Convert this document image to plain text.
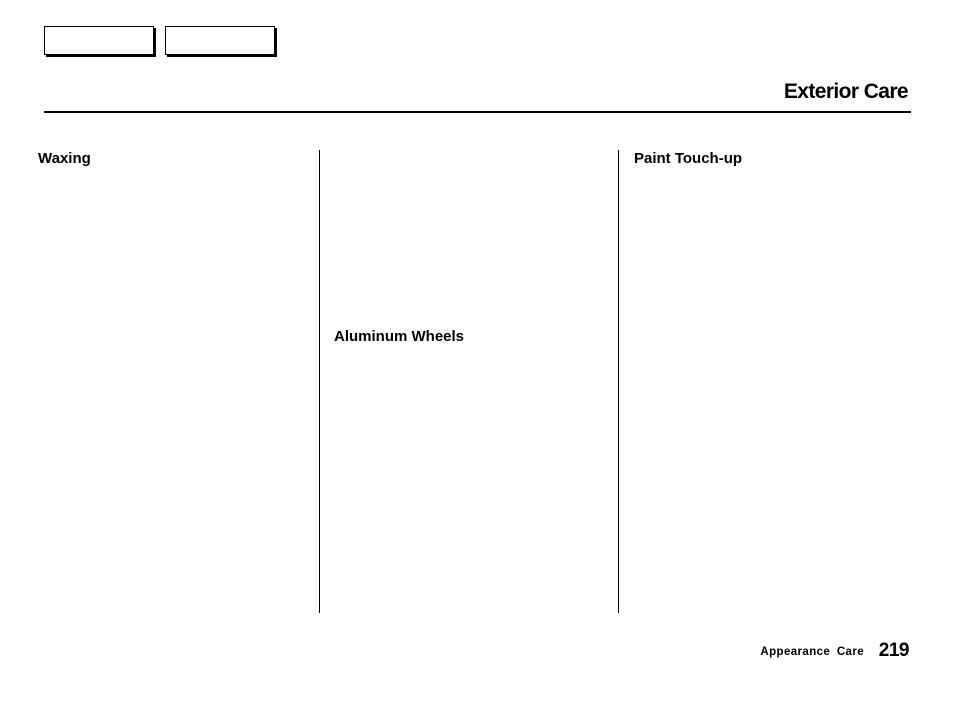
Exterior Care
Waxing
Aluminum Wheels
Paint Touch-up
Appearance Care 219
